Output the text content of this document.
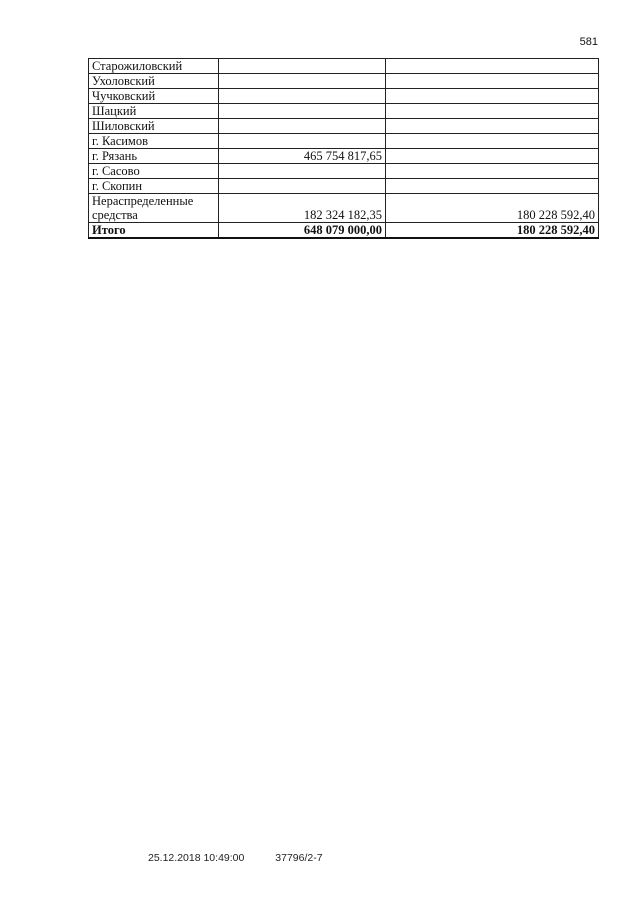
581
Старожиловский		
Ухоловский		
Чучковский		
Шацкий		
Шиловский		
г. Касимов		
г. Рязань	465 754 817,65	
г. Сасово		
г. Скопин		
Нераспределенные средства	182 324 182,35	180 228 592,40
Итого	648 079 000,00	180 228 592,40
25.12.2018 10:49:00	37796/2-7
